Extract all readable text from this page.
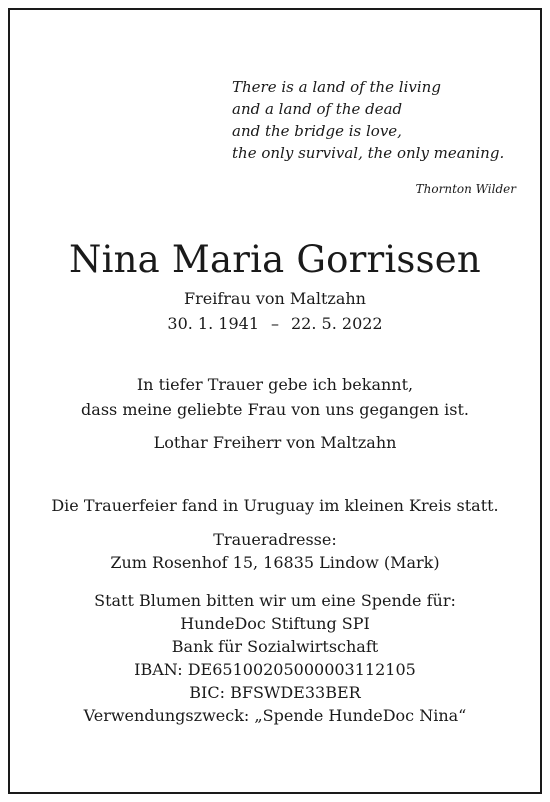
There is a land of the living
and a land of the dead
and the bridge is love,
the only survival, the only meaning.
Thornton Wilder
Nina Maria Gorrissen
Freifrau von Maltzahn
30. 1. 1941 – 22. 5. 2022
In tiefer Trauer gebe ich bekannt,
dass meine geliebte Frau von uns gegangen ist.
Lothar Freiherr von Maltzahn
Die Trauerfeier fand in Uruguay im kleinen Kreis statt.
Traueradresse:
Zum Rosenhof 15, 16835 Lindow (Mark)
Statt Blumen bitten wir um eine Spende für:
HundeDoc Stiftung SPI
Bank für Sozialwirtschaft
IBAN: DE65100205000003112105
BIC: BFSWDE33BER
Verwendungszweck: „Spende HundeDoc Nina“
